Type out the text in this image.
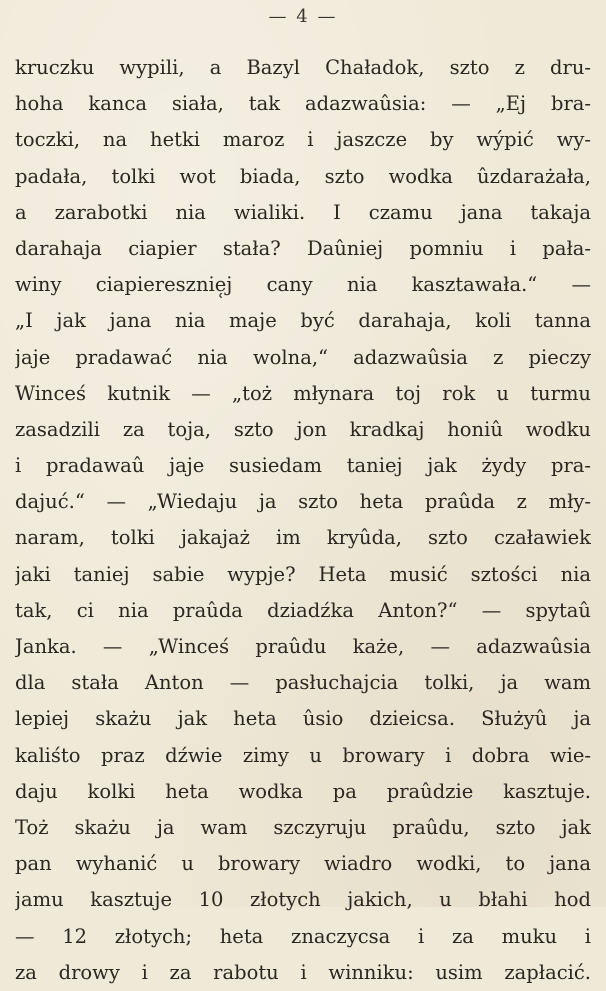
— 4 —
kruczku wypili, a Bazyl Chaładok, szto z dru-
hoha kanca siała, tak adazwaûsia: — „Ej bra-
toczki, na hetki maroz i jaszcze by wýpić wy-
padała, tolki wot biada, szto wodka ûzdarażała,
a zarabotki nia wialiki. I czamu jana takaja
darahaja ciapier stała? Daûniej pomniu i pała-
winy ciapieresznie̜j cany nia kasztawała.“ —
„I jak jana nia maje być darahaja, koli tanna
jaje pradawać nia wolna,“ adazwaûsia z pieczy
Winceś kutnik — „toż młynara toj rok u turmu
zasadzili za toja, szto jon kradkaj honiû wodku
i pradawaû jaje susiedam taniej jak żydy pra-
dajuć.“ — „Wiedaju ja szto heta praûda z mły-
naram, tolki jakajaż im kryûda, szto czaławiek
jaki taniej sabie wypje? Heta musić sztości nia
tak, ci nia praûda dziadźka Anton?“ — spytaû
Janka. — „Winceś praûdu każe, — adazwaûsia
dla stała Anton — pasłuchajcia tolki, ja wam
lepiej skażu jak heta ûsio dzieicsa. Służyû ja
kaliśto praz dźwie zimy u browary i dobra wie-
daju kolki heta wodka pa praûdzie kasztuje.
Toż skażu ja wam szczyruju praûdu, szto jak
pan wyhanić u browary wiadro wodki, to jana
jamu kasztuje 10 złotych jakich, u błahi hod
— 12 złotych; heta znaczycsa i za muku i
za drowy i za rabotu i winniku: usim zapłacić.
